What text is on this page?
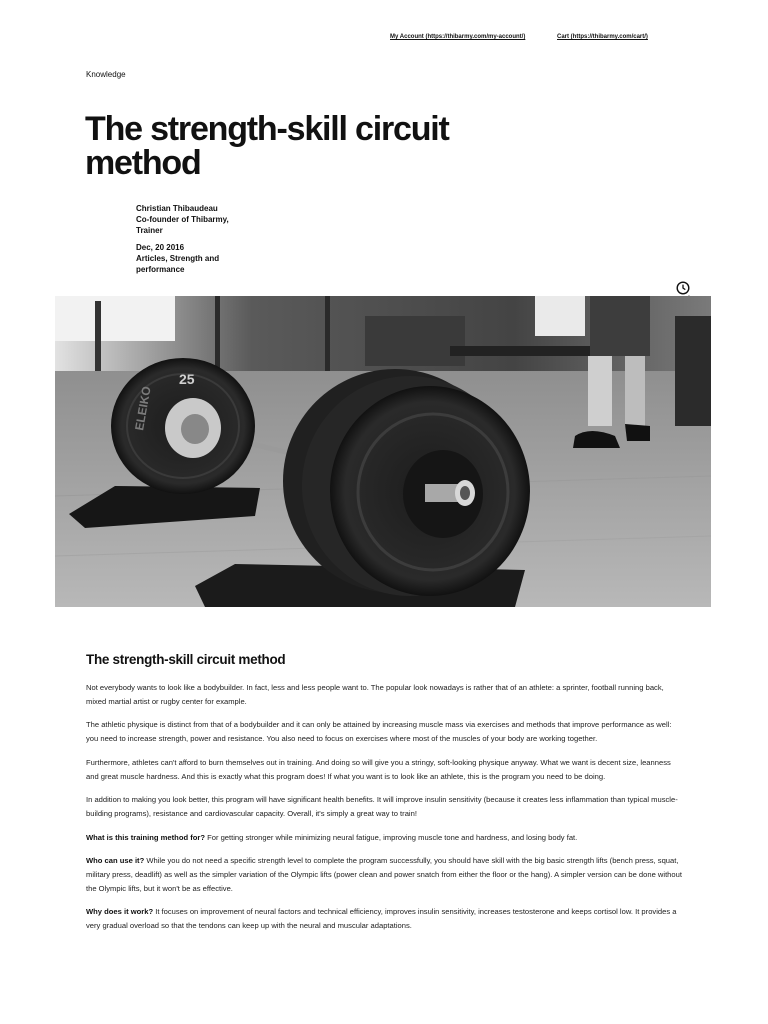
My Account (https://thibarmy.com/my-account/)	Cart (https://thibarmy.com/cart/)
Knowledge
The strength-skill circuit method
Christian Thibaudeau
Co-founder of Thibarmy, Trainer
Dec, 20 2016
Articles, Strength and performance
ELEIKO
25
The strength-skill circuit method

Not everybody wants to look like a bodybuilder. In fact, less and less people want to. The popular look nowadays is rather that of an athlete: a sprinter, football running back, mixed martial artist or rugby center for example.

The athletic physique is distinct from that of a bodybuilder and it can only be attained by increasing muscle mass via exercises and methods that improve performance as well: you need to increase strength, power and resistance. You also need to focus on exercises where most of the muscles of your body are working together.

Furthermore, athletes can't afford to burn themselves out in training. And doing so will give you a stringy, soft-looking physique anyway. What we want is decent size, leanness and great muscle hardness. And this is exactly what this program does! If what you want is to look like an athlete, this is the program you need to be doing.

In addition to making you look better, this program will have significant health benefits. It will improve insulin sensitivity (because it creates less inflammation than typical muscle-building programs), resistance and cardiovascular capacity. Overall, it's simply a great way to train!

What is this training method for? For getting stronger while minimizing neural fatigue, improving muscle tone and hardness, and losing body fat.

Who can use it? While you do not need a specific strength level to complete the program successfully, you should have skill with the big basic strength lifts (bench press, squat, military press, deadlift) as well as the simpler variation of the Olympic lifts (power clean and power snatch from either the floor or the hang). A simpler version can be done without the Olympic lifts, but it won't be as effective.

Why does it work? It focuses on improvement of neural factors and technical efficiency, improves insulin sensitivity, increases testosterone and keeps cortisol low. It provides a very gradual overload so that the tendons can keep up with the neural and muscular adaptations.
